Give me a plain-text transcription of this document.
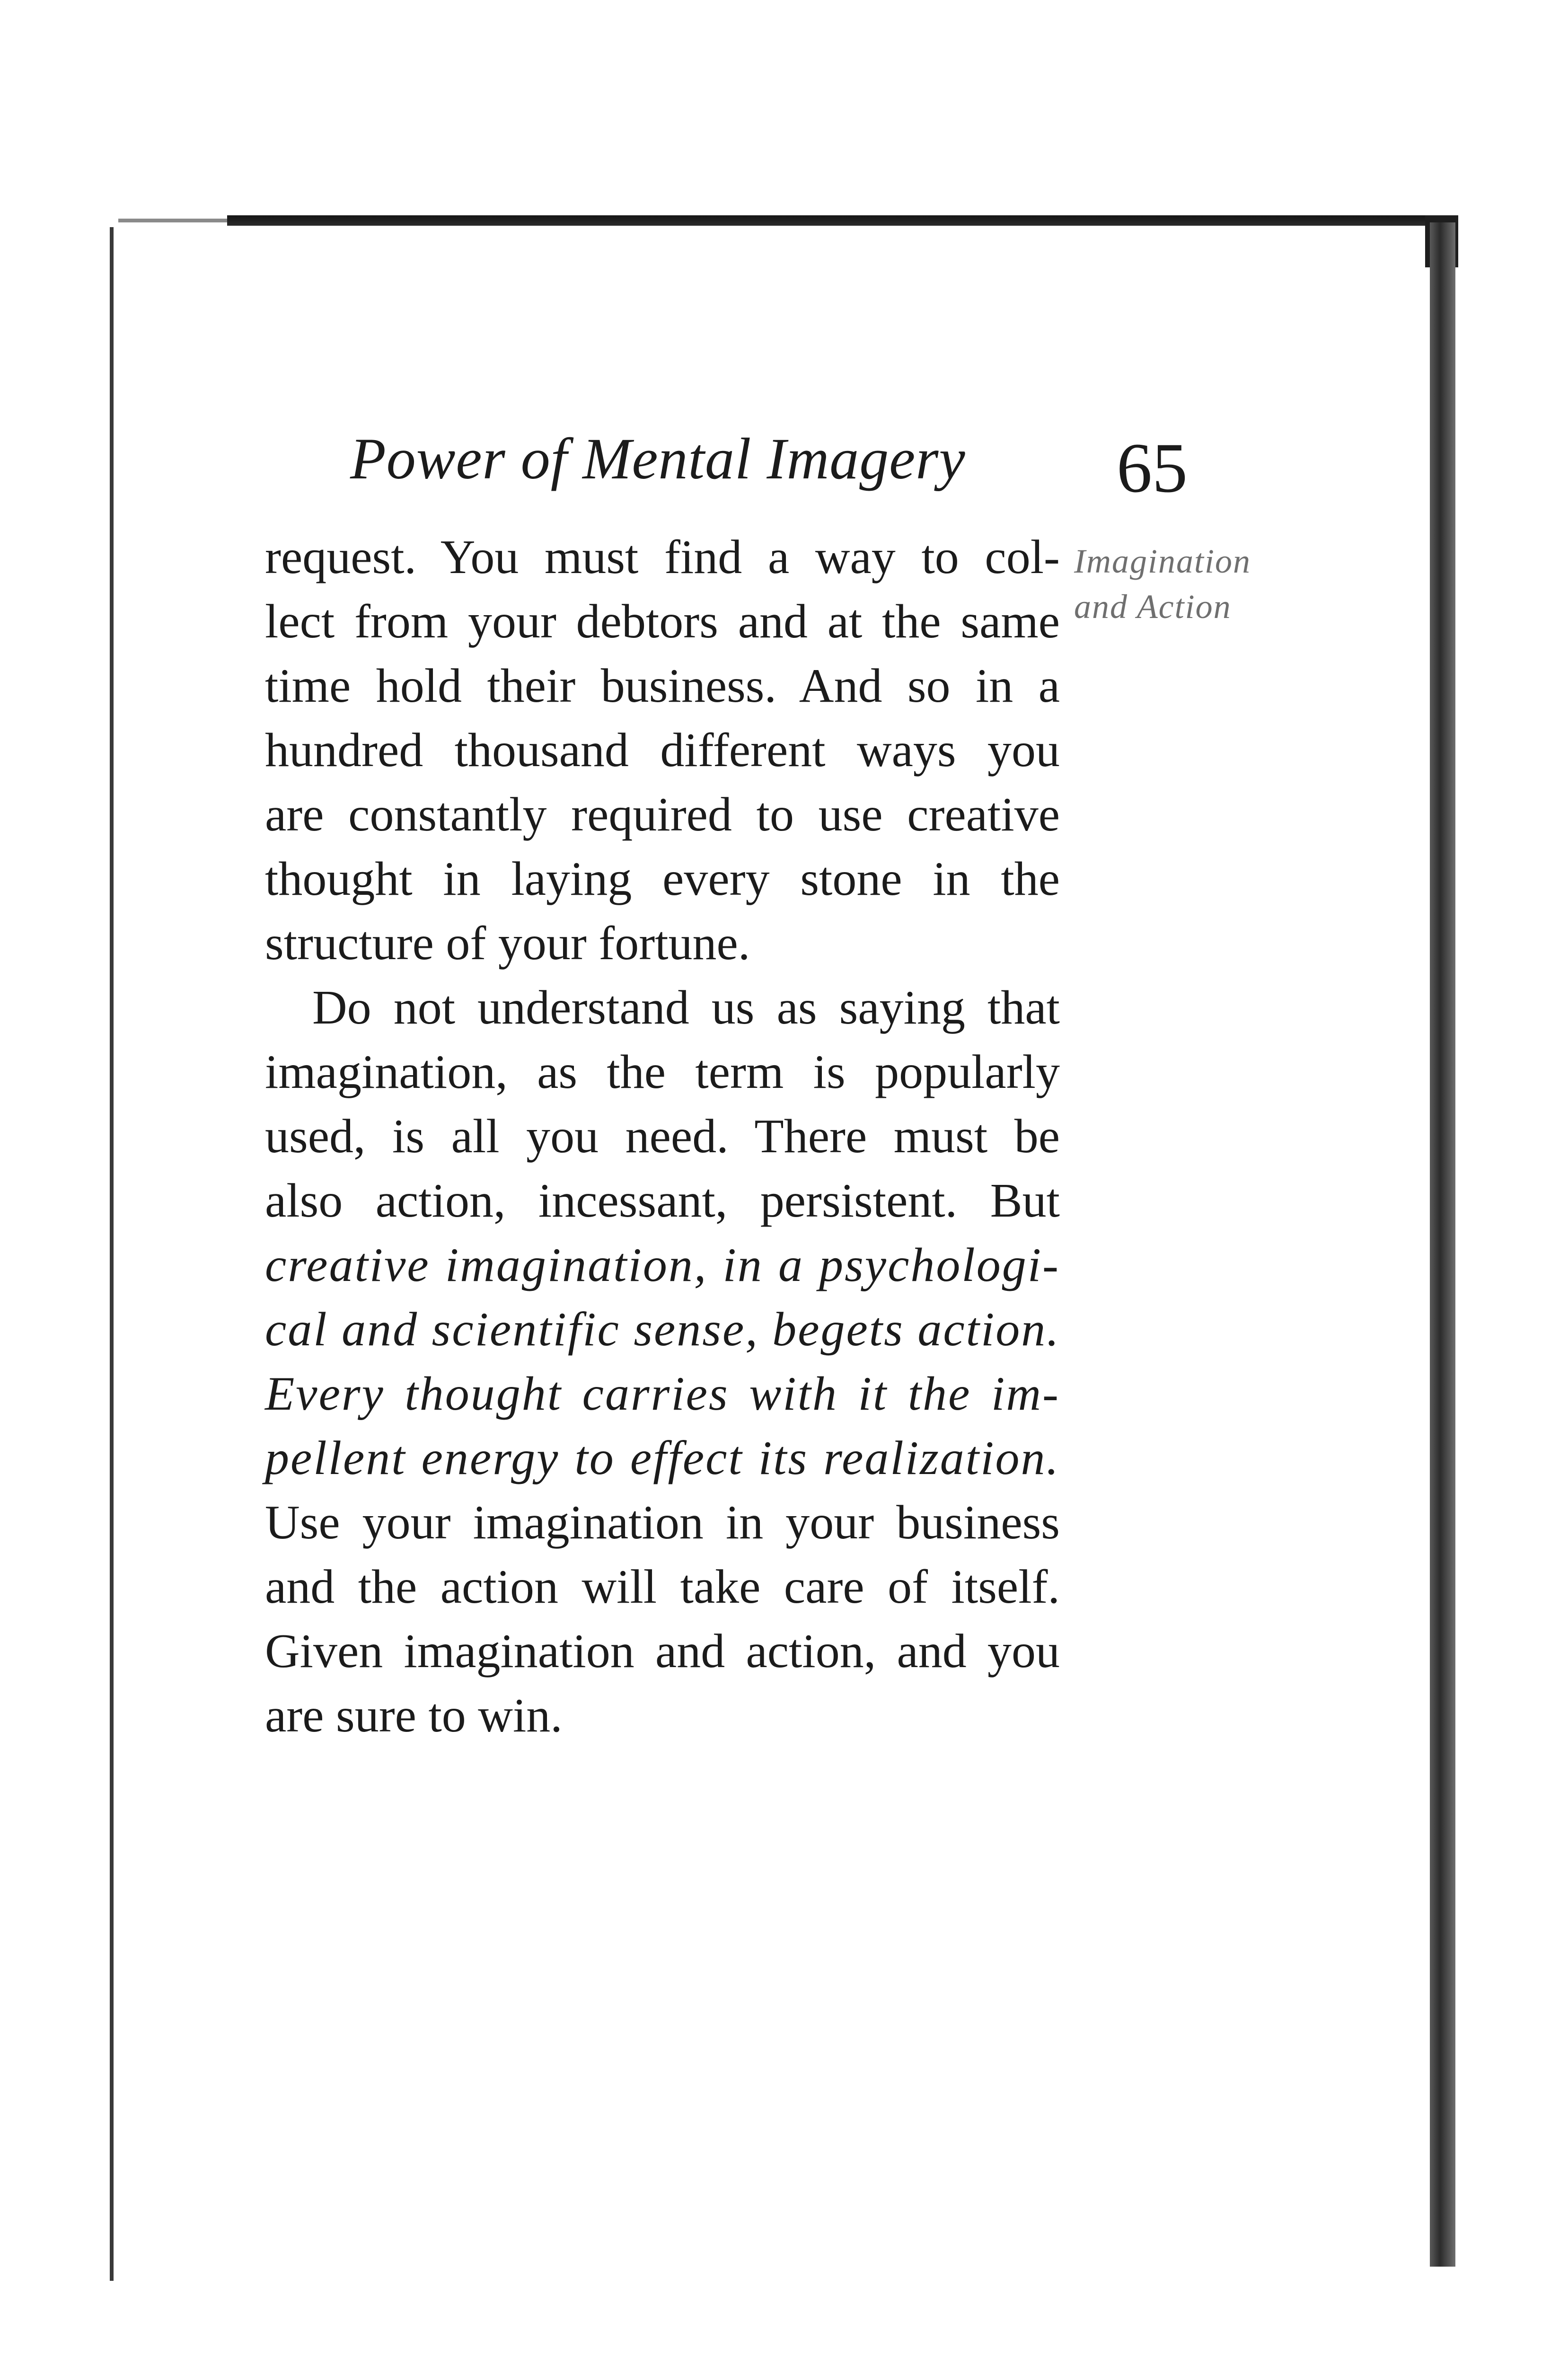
Power of Mental Imagery 65
Imagination
and Action
request. You must find a way to col-
lect from your debtors and at the same
time hold their business. And so in a
hundred thousand different ways you
are constantly required to use creative
thought in laying every stone in the
structure of your fortune.
Do not understand us as saying that
imagination, as the term is popularly
used, is all you need. There must be
also action, incessant, persistent. But
creative imagination, in a psychologi-
cal and scientific sense, begets action.
Every thought carries with it the im-
pellent energy to effect its realization.
Use your imagination in your business
and the action will take care of itself.
Given imagination and action, and you
are sure to win.
